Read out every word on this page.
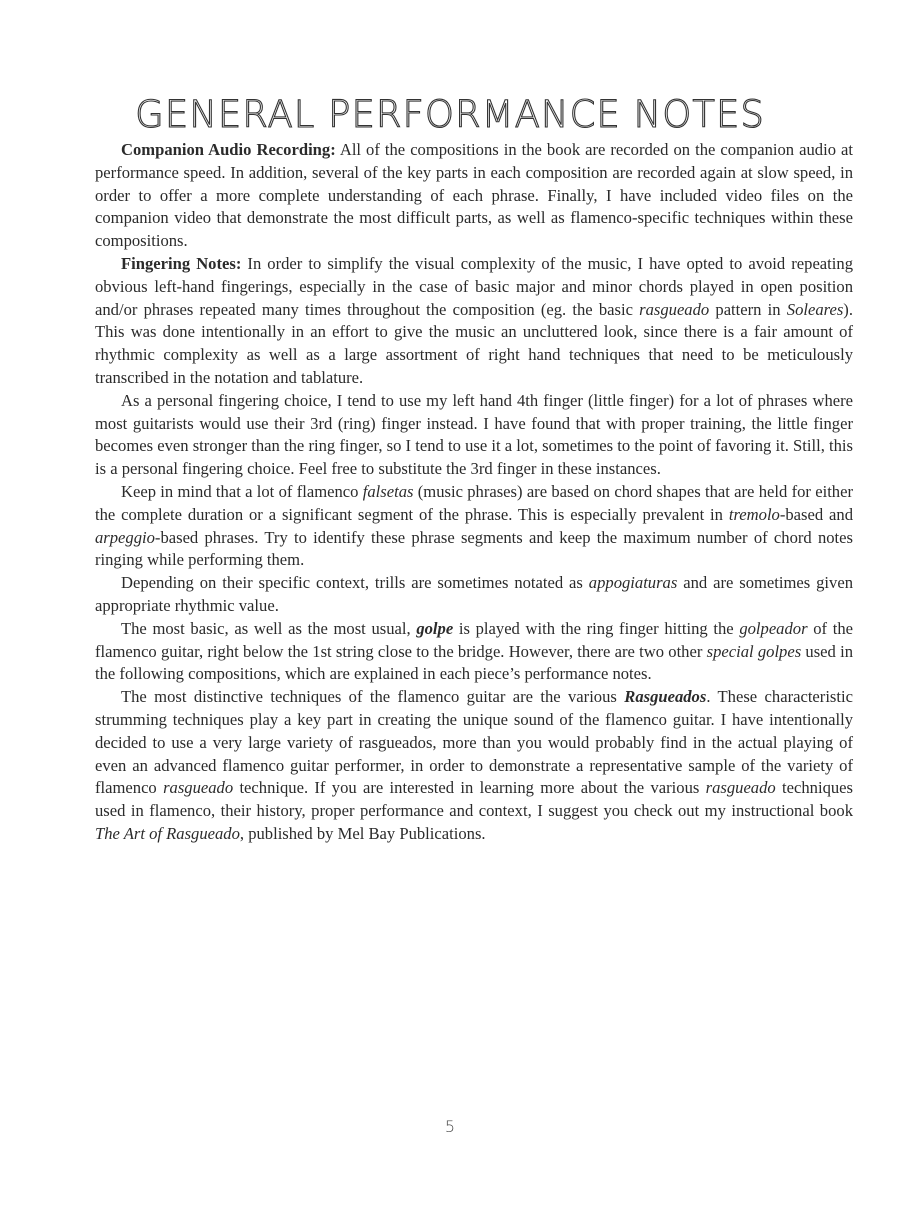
GENERAL PERFORMANCE NOTES

Companion Audio Recording: All of the compositions in the book are recorded on the companion audio at performance speed. In addition, several of the key parts in each composition are recorded again at slow speed, in order to offer a more complete understanding of each phrase. Finally, I have included video files on the companion video that demonstrate the most difficult parts, as well as flamenco-specific techniques within these compositions.

Fingering Notes: In order to simplify the visual complexity of the music, I have opted to avoid repeating obvious left-hand fingerings, especially in the case of basic major and minor chords played in open position and/or phrases repeated many times throughout the composition (eg. the basic rasgueado pattern in Soleares). This was done intentionally in an effort to give the music an uncluttered look, since there is a fair amount of rhythmic complexity as well as a large assortment of right hand techniques that need to be meticulously transcribed in the notation and tablature.

As a personal fingering choice, I tend to use my left hand 4th finger (little finger) for a lot of phrases where most guitarists would use their 3rd (ring) finger instead. I have found that with proper training, the little finger becomes even stronger than the ring finger, so I tend to use it a lot, sometimes to the point of favoring it. Still, this is a personal fingering choice. Feel free to substitute the 3rd finger in these instances.

Keep in mind that a lot of flamenco falsetas (music phrases) are based on chord shapes that are held for either the complete duration or a significant segment of the phrase. This is especially prevalent in tremolo-based and arpeggio-based phrases. Try to identify these phrase segments and keep the maximum number of chord notes ringing while performing them.

Depending on their specific context, trills are sometimes notated as appogiaturas and are sometimes given appropriate rhythmic value.

The most basic, as well as the most usual, golpe is played with the ring finger hitting the golpeador of the flamenco guitar, right below the 1st string close to the bridge. However, there are two other special golpes used in the following compositions, which are explained in each piece’s performance notes.

The most distinctive techniques of the flamenco guitar are the various Rasgueados. These characteristic strumming techniques play a key part in creating the unique sound of the flamenco guitar. I have intentionally decided to use a very large variety of rasgueados, more than you would probably find in the actual playing of even an advanced flamenco guitar performer, in order to demonstrate a representative sample of the variety of flamenco rasgueado technique. If you are interested in learning more about the various rasgueado techniques used in flamenco, their history, proper performance and context, I suggest you check out my instructional book The Art of Rasgueado, published by Mel Bay Publications.

5
